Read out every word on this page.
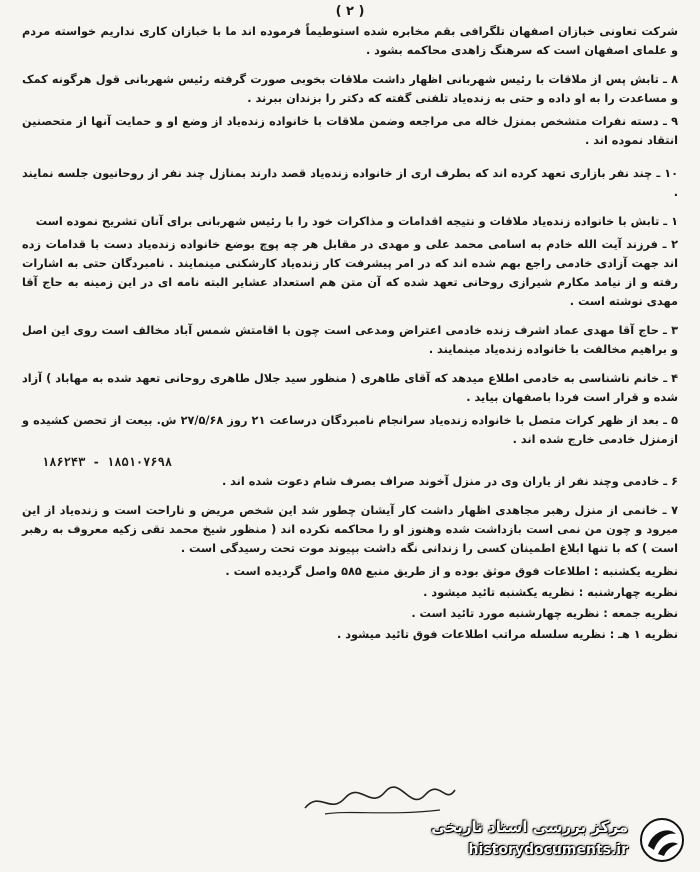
( ۲ )

شرکت تعاونی خبازان اصفهان تلگرافی بقم مخابره شده استوطیماً فرموده اند ما با خبازان کاری نداریم خواسته مردم و علمای اصفهان است که سرهنگ زاهدی محاکمه بشود .

۸ ـ تابش پس از ملاقات با رئیس شهربانی اظهار داشت ملاقات بخوبی صورت گرفته رئیس شهربانی قول هرگونه کمک و مساعدت را به او داده و حتی به زنده‌یاد تلفنی گفته که دکتر را بزندان ببرند .

۹ ـ دسته نفرات متشخص بمنزل خاله می مراجعه وضمن ملاقات با خانواده زنده‌یاد از وضع او و حمایت آنها از متحصنین انتقاد نموده اند .

۱۰ ـ چند نفر بازاری تعهد کرده اند که بطرف اری از خانواده زنده‌یاد قصد دارند بمنازل چند نفر از روحانیون جلسه نمایند .

۱ ـ تابش با خانواده زنده‌یاد ملاقات و نتیجه اقدامات و مذاکرات خود را با رئیس شهربانی برای آنان تشریح نموده است

۲ ـ فرزند آیت الله خادم به اسامی محمد علی و مهدی در مقابل هر چه پوچ بوضع خانواده زنده‌یاد دست با قدامات زده اند جهت آزادی خادمی راجع بهم شده اند که در امر پیشرفت کار زنده‌یاد کارشکنی مینمایند . نامبردگان حتی به اشارات رفته و از نیامد مکارم شیرازی روحانی تعهد شده که آن متن هم استعداد عشایر البته نامه ای در این زمینه به حاج آقا مهدی نوشته است .

۳ ـ حاج آقا مهدی عماد اشرف زنده خادمی اعتراض ومدعی است چون با اقامتش شمس آباد مخالف است روی این اصل و براهیم مخالفت با خانواده زنده‌یاد مینمایند .

۴ ـ خانم ناشناسی به خادمی اطلاع میدهد که آقای طاهری ( منظور سید جلال طاهری روحانی تعهد شده به مهاباد ) آزاد شده و قرار است فردا باصفهان بیاید .

۵ ـ بعد از ظهر کرات متصل با خانواده زنده‌یاد سرانجام نامبردگان درساعت ۲۱ روز ۲۷/۵/۶۸ ش. بیعت از تحصن کشیده و ازمنزل خادمی خارج شده اند .

۱۸۶۲۴۳ - ۱۸۵۱۰۷۶۹۸

۶ ـ خادمی وچند نفر از یاران وی در منزل آخوند صراف بصرف شام دعوت شده اند .

۷ ـ خانمی از منزل رهبر مجاهدی اظهار داشت کار آیشان چطور شد این شخص مریض و ناراحت است و زنده‌یاد از این میرود و چون من نمی است بازداشت شده وهنوز او را محاکمه نکرده اند ( منظور شیخ محمد تقی زکیه معروف به رهبر است ) که با تنها ابلاغ اطمینان کسی را زندانی نگه داشت بپیوند موت تحت رسیدگی است .

نظریه یکشنبه : اطلاعات فوق موثق بوده و از طریق منبع ۵۸۵ واصل گردیده است .

نظریه چهارشنبه : نظریه یکشنبه تائید میشود .

نظریه جمعه : نظریه چهارشنبه مورد تائید است .

نظریه ۱ هـ : نظریه سلسله مراتب اطلاعات فوق تائید میشود .

مرکز بررسی اسناد تاریخی
historydocuments.ir
